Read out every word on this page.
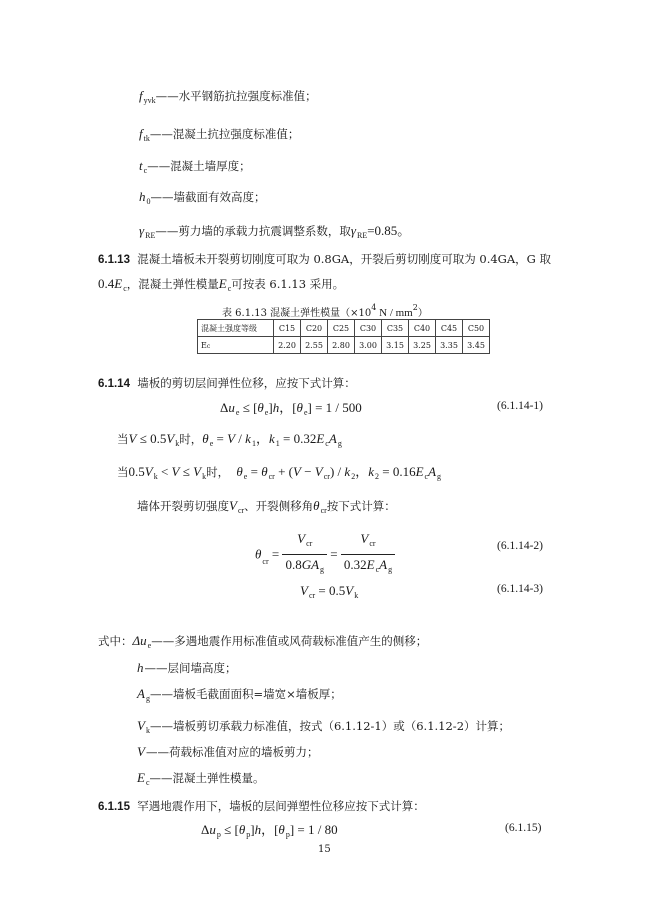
$f_{yvk}——$水平钢筋抗拉强度标准值；
$f_{tk}——$混凝土抗拉强度标准值；
$t_c——$混凝土墙厚度；
$h_0——$墙截面有效高度；
$\gamma_{RE}——$剪力墙的承载力抗震调整系数，取$\gamma_{RE}=0.85$。
6.1.13 混凝土墙板未开裂剪切刚度可取为 0.8GA，开裂后剪切刚度可取为 0.4GA，G 取
$0.4E_c$，混凝土弹性模量$E_c$可按表 6.1.13 采用。
表 6.1.13 混凝土弹性模量（$\times 10^4$ N / $mm^2$）
混凝土强度等级	C15	C20	C25	C30	C35	C40	C45	C50
Ec	2.20	2.55	2.80	3.00	3.15	3.25	3.35	3.45
6.1.14 墙板的剪切层间弹性位移，应按下式计算：
$\Delta u_e \le [\theta_e]h$，$[\theta_e] = 1 / 500$	(6.1.14-1)
当$V \le 0.5V_k$时，$\theta_e = V / k_1$，$k_1 = 0.32E_cA_g$
当$0.5V_k < V \le V_k$时， $\theta_e = \theta_{cr} + (V - V_{cr}) / k_2$，$k_2 = 0.16E_cA_g$
墙体开裂剪切强度$V_{cr}$、开裂侧移角$\theta_{cr}$按下式计算：
$\theta_{cr} = \frac{V_{cr}}{0.8GA_g} = \frac{V_{cr}}{0.32E_cA_g}$	(6.1.14-2)
$V_{cr} = 0.5V_k$
(6.1.14-3)
式中：$\Delta u_e——$多遇地震作用标准值或风荷载标准值产生的侧移；
h——层间墙高度；
$A_g——$墙板毛截面面积=墙宽×墙板厚；
$V_k——$墙板剪切承载力标准值，按式（6.1.12-1）或（6.1.12-2）计算；
V——荷载标准值对应的墙板剪力；
$E_c——$混凝土弹性模量。
6.1.15 罕遇地震作用下，墙板的层间弹塑性位移应按下式计算：
$\Delta u_p \le [\theta_p]h$，$[\theta_p] = 1 / 80$	(6.1.15)
15
